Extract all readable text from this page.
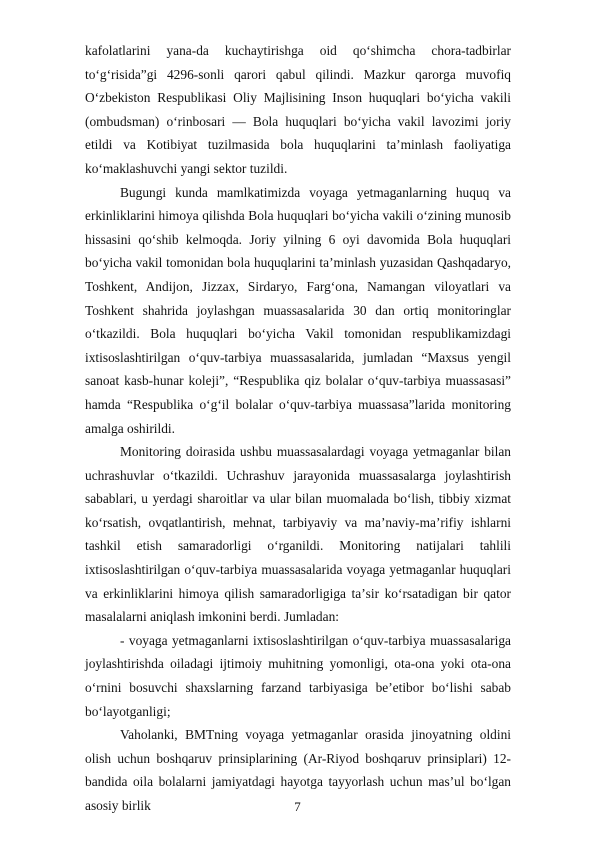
kafolatlarini yana-da kuchaytirishga oid qo‘shimcha chora-tadbirlar to‘g‘risida”gi 4296-sonli qarori qabul qilindi. Mazkur qarorga muvofiq O‘zbekiston Respublikasi Oliy Majlisining Inson huquqlari bo‘yicha vakili (ombudsman) o‘rinbosari — Bola huquqlari bo‘yicha vakil lavozimi joriy etildi va Kotibiyat tuzilmasida bola huquqlarini taʼminlash faoliyatiga ko‘maklashuvchi yangi sektor tuzildi.

Bugungi kunda mamlkatimizda voyaga yetmaganlarning huquq va erkinliklarini himoya qilishda Bola huquqlari bo‘yicha vakili o‘zining munosib hissasini qo‘shib kelmoqda. Joriy yilning 6 oyi davomida Bola huquqlari bo‘yicha vakil tomonidan bola huquqlarini taʼminlash yuzasidan Qashqadaryo, Toshkent, Andijon, Jizzax, Sirdaryo, Farg‘ona, Namangan viloyatlari va Toshkent shahrida joylashgan muassasalarida 30 dan ortiq monitoringlar o‘tkazildi. Bola huquqlari bo‘yicha Vakil tomonidan respublikamizdagi ixtisoslashtirilgan o‘quv-tarbiya muassasalarida, jumladan “Maxsus yengil sanoat kasb-hunar koleji”, “Respublika qiz bolalar o‘quv-tarbiya muassasasi” hamda “Respublika o‘g‘il bolalar o‘quv-tarbiya muassasa”larida monitoring amalga oshirildi.

Monitoring doirasida ushbu muassasalardagi voyaga yetmaganlar bilan uchrashuvlar o‘tkazildi. Uchrashuv jarayonida muassasalarga joylashtirish sabablari, u yerdagi sharoitlar va ular bilan muomalada bo‘lish, tibbiy xizmat ko‘rsatish, ovqatlantirish, mehnat, tarbiyaviy va maʼnaviy-maʼrifiy ishlarni tashkil etish samaradorligi o‘rganildi. Monitoring natijalari tahlili ixtisoslashtirilgan o‘quv-tarbiya muassasalarida voyaga yetmaganlar huquqlari va erkinliklarini himoya qilish samaradorligiga taʼsir ko‘rsatadigan bir qator masalalarni aniqlash imkonini berdi. Jumladan:

- voyaga yetmaganlarni ixtisoslashtirilgan o‘quv-tarbiya muassasalariga joylashtirishda oiladagi ijtimoiy muhitning yomonligi, ota-ona yoki ota-ona o‘rnini bosuvchi shaxslarning farzand tarbiyasiga beʼetibor bo‘lishi sabab bo‘layotganligi;

Vaholanki, BMTning voyaga yetmaganlar orasida jinoyatning oldini olish uchun boshqaruv prinsiplarining (Ar-Riyod boshqaruv prinsiplari) 12-bandida oila bolalarni jamiyatdagi hayotga tayyorlash uchun mas’ul bo‘lgan asosiy birlik	7
